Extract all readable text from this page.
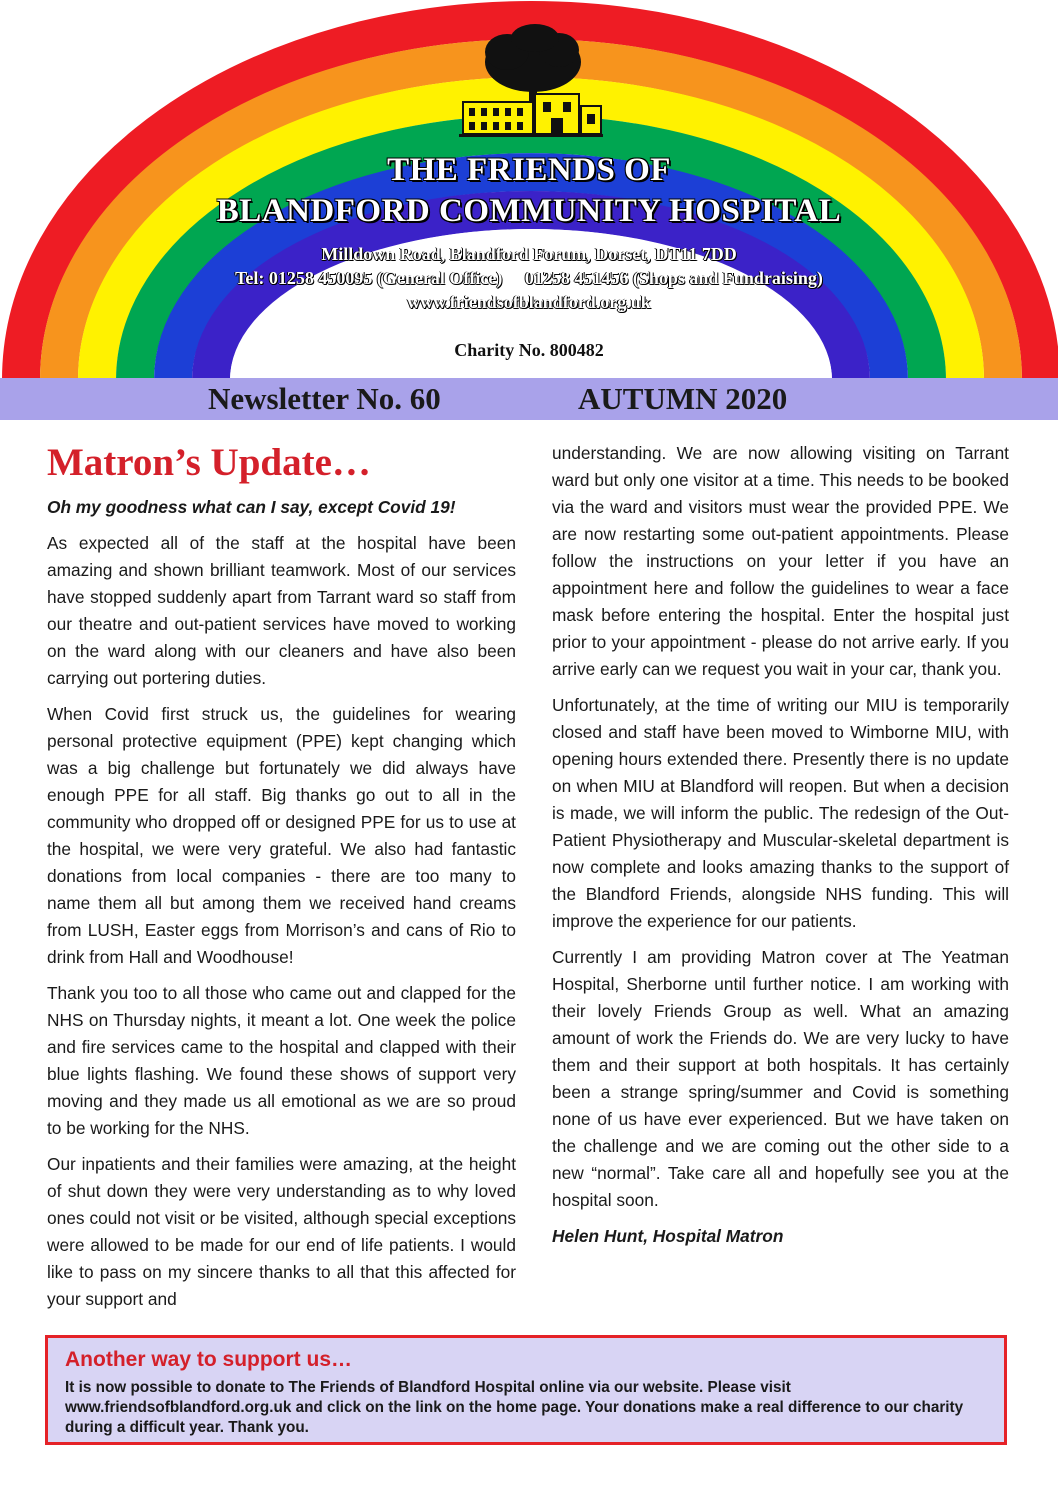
THE FRIENDS OF
BLANDFORD COMMUNITY HOSPITAL
Milldown Road, Blandford Forum, Dorset, DT11 7DD
Tel: 01258 450095 (General Office)     01258 451456 (Shops and Fundraising)
www.friendsofblandford.org.uk
Charity No. 800482
Newsletter No. 60	AUTUMN 2020
Matron’s Update…

Oh my goodness what can I say, except Covid 19!

As expected all of the staff at the hospital have been amazing and shown brilliant teamwork. Most of our services have stopped suddenly apart from Tarrant ward so staff from our theatre and out-patient services have moved to working on the ward along with our cleaners and have also been carrying out portering duties.

When Covid first struck us, the guidelines for wearing personal protective equipment (PPE) kept changing which was a big challenge but fortunately we did always have enough PPE for all staff. Big thanks go out to all in the community who dropped off or designed PPE for us to use at the hospital, we were very grateful. We also had fantastic donations from local companies - there are too many to name them all but among them we received hand creams from LUSH, Easter eggs from Morrison’s and cans of Rio to drink from Hall and Woodhouse!

Thank you too to all those who came out and clapped for the NHS on Thursday nights, it meant a lot. One week the police and fire services came to the hospital and clapped with their blue lights flashing. We found these shows of support very moving and they made us all emotional as we are so proud to be working for the NHS.

Our inpatients and their families were amazing, at the height of shut down they were very understanding as to why loved ones could not visit or be visited, although special exceptions were allowed to be made for our end of life patients. I would like to pass on my sincere thanks to all that this affected for your support and

understanding. We are now allowing visiting on Tarrant ward but only one visitor at a time. This needs to be booked via the ward and visitors must wear the provided PPE. We are now restarting some out-patient appointments. Please follow the instructions on your letter if you have an appointment here and follow the guidelines to wear a face mask before entering the hospital. Enter the hospital just prior to your appointment - please do not arrive early. If you arrive early can we request you wait in your car, thank you.

Unfortunately, at the time of writing our MIU is temporarily closed and staff have been moved to Wimborne MIU, with opening hours extended there. Presently there is no update on when MIU at Blandford will reopen. But when a decision is made, we will inform the public. The redesign of the Out-Patient Physiotherapy and Muscular-skeletal department is now complete and looks amazing thanks to the support of the Blandford Friends, alongside NHS funding. This will improve the experience for our patients.

Currently I am providing Matron cover at The Yeatman Hospital, Sherborne until further notice. I am working with their lovely Friends Group as well. What an amazing amount of work the Friends do. We are very lucky to have them and their support at both hospitals. It has certainly been a strange spring/summer and Covid is something none of us have ever experienced. But we have taken on the challenge and we are coming out the other side to a new “normal”. Take care all and hopefully see you at the hospital soon.

Helen Hunt, Hospital Matron

Another way to support us…
It is now possible to donate to The Friends of Blandford Hospital online via our website. Please visit www.friendsofblandford.org.uk and click on the link on the home page. Your donations make a real difference to our charity during a difficult year. Thank you.
